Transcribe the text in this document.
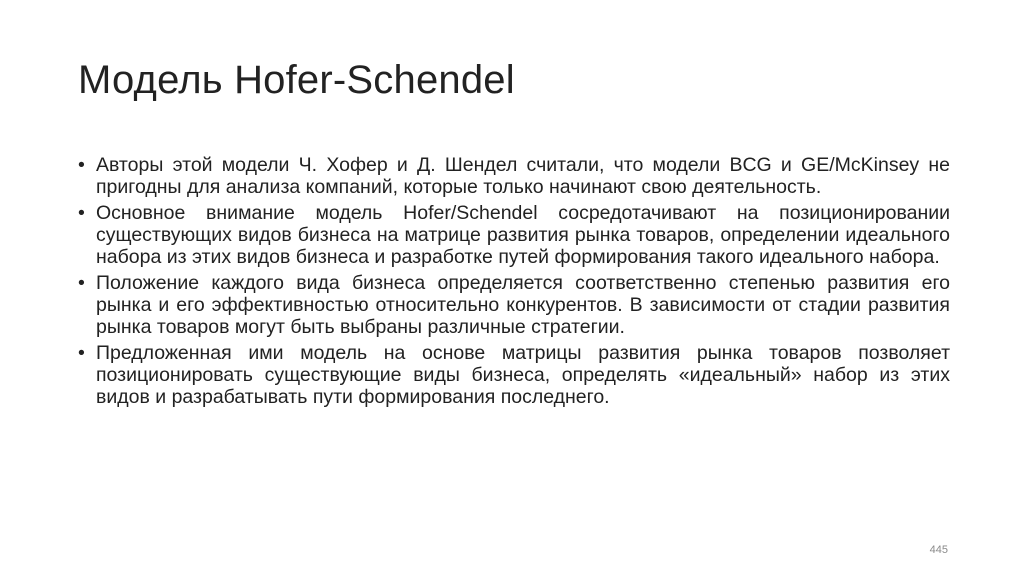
Модель Hofer-Schendel
• Авторы этой модели Ч. Хофер и Д. Шендел считали, что модели BCG и GE/McKinsey не пригодны для анализа компаний, которые только начинают свою деятельность.
• Основное внимание модель Hofer/Schendel сосредотачивают на позиционировании существующих видов бизнеса на матрице развития рынка товаров, определении идеального набора из этих видов бизнеса и разработке путей формирования такого идеального набора.
• Положение каждого вида бизнеса определяется соответственно степенью развития его рынка и его эффективностью относительно конкурентов. В зависимости от стадии развития рынка товаров могут быть выбраны различные стратегии.
• Предложенная ими модель на основе матрицы развития рынка товаров позволяет позиционировать существующие виды бизнеса, определять «идеальный» набор из этих видов и разрабатывать пути формирования последнего.
445
